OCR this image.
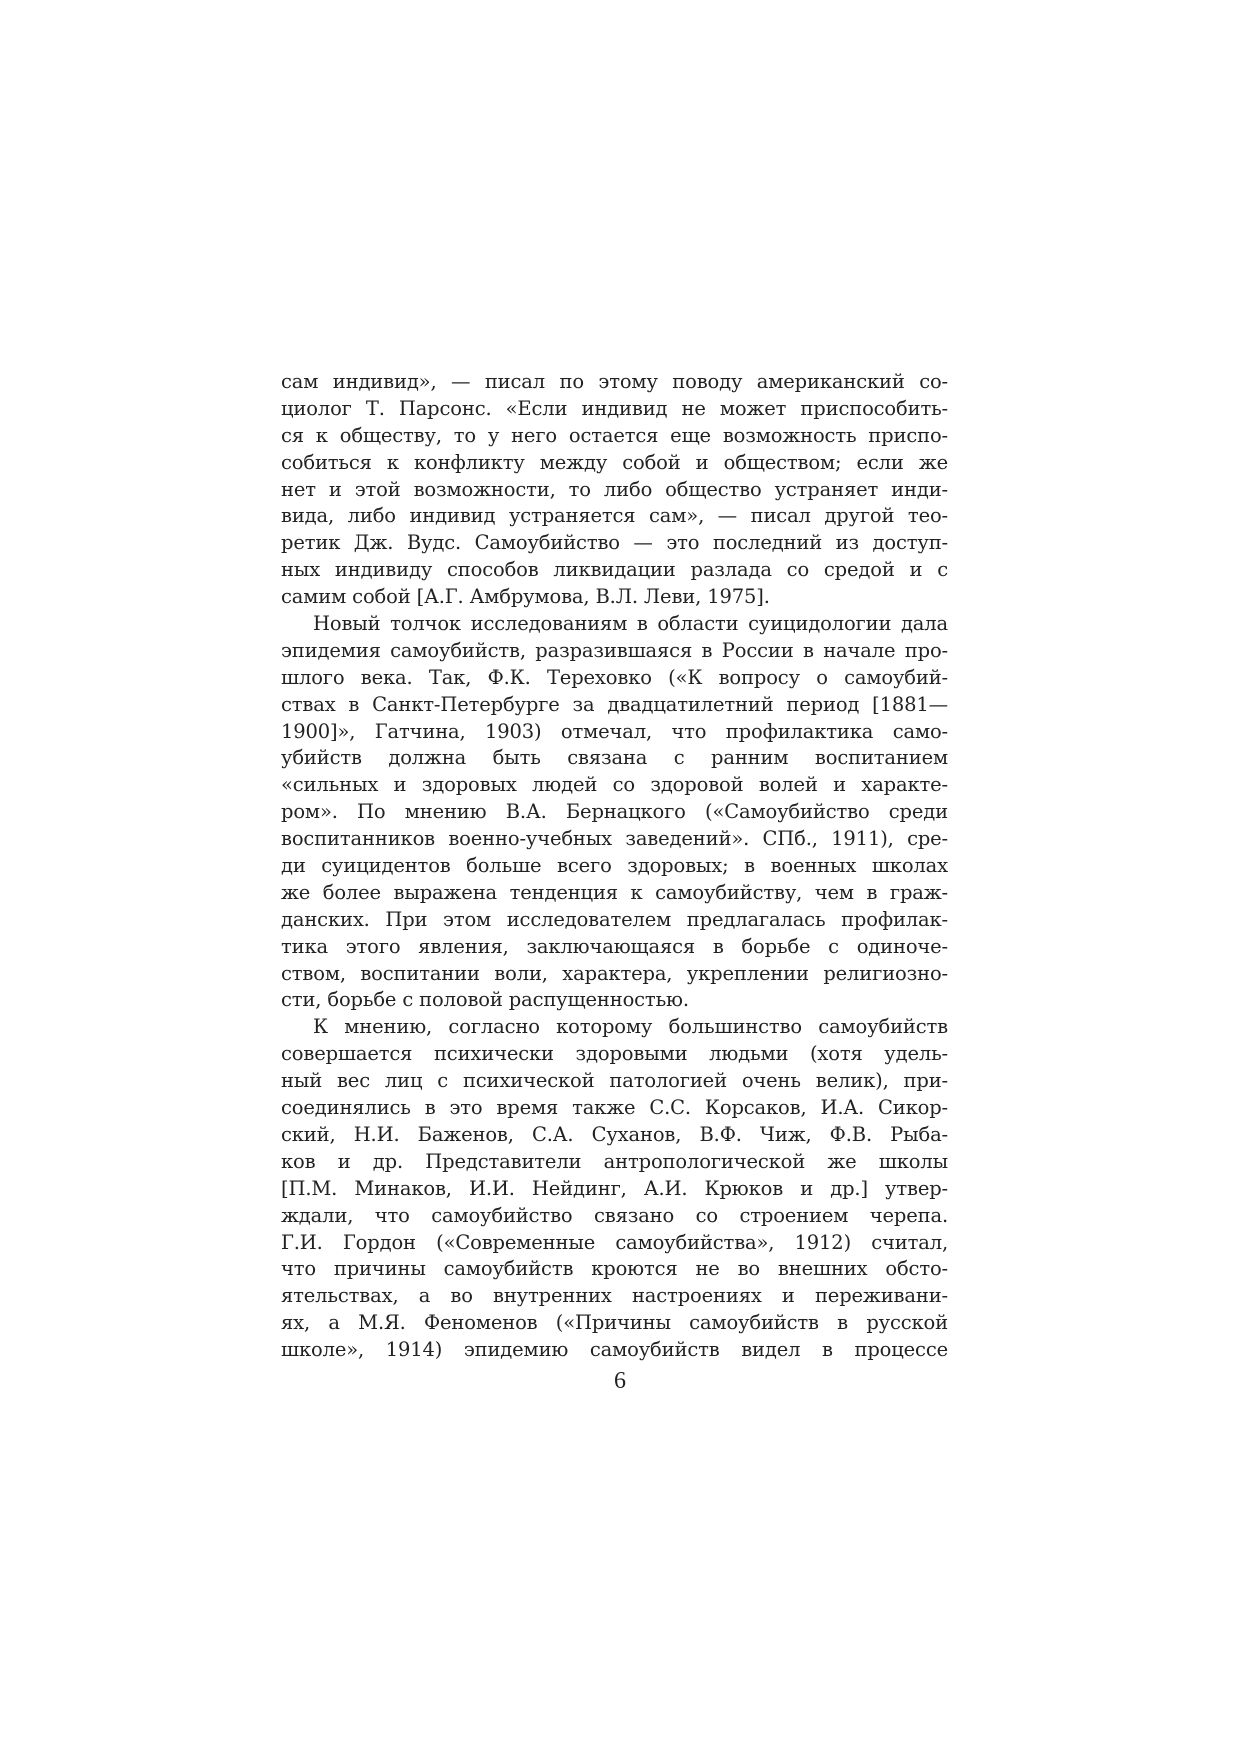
сам индивид», — писал по этому поводу американский со-
циолог Т. Парсонс. «Если индивид не может приспособить-
ся к обществу, то у него остается еще возможность приспо-
собиться к конфликту между собой и обществом; если же
нет и этой возможности, то либо общество устраняет инди-
вида, либо индивид устраняется сам», — писал другой тео-
ретик Дж. Вудс. Самоубийство — это последний из доступ-
ных индивиду способов ликвидации разлада со средой и с
самим собой [А.Г. Амбрумова, В.Л. Леви, 1975].
Новый толчок исследованиям в области суицидологии дала
эпидемия самоубийств, разразившаяся в России в начале про-
шлого века. Так, Ф.К. Тереховко («К вопросу о самоубий-
ствах в Санкт-Петербурге за двадцатилетний период [1881—
1900]», Гатчина, 1903) отмечал, что профилактика само-
убийств должна быть связана с ранним воспитанием
«сильных и здоровых людей со здоровой волей и характе-
ром». По мнению В.А. Бернацкого («Самоубийство среди
воспитанников военно-учебных заведений». СПб., 1911), сре-
ди суицидентов больше всего здоровых; в военных школах
же более выражена тенденция к самоубийству, чем в граж-
данских. При этом исследователем предлагалась профилак-
тика этого явления, заключающаяся в борьбе с одиноче-
ством, воспитании воли, характера, укреплении религиозно-
сти, борьбе с половой распущенностью.
К мнению, согласно которому большинство самоубийств
совершается психически здоровыми людьми (хотя удель-
ный вес лиц с психической патологией очень велик), при-
соединялись в это время также С.С. Корсаков, И.А. Сикор-
ский, Н.И. Баженов, С.А. Суханов, В.Ф. Чиж, Ф.В. Рыба-
ков и др. Представители антропологической же школы
[П.М. Минаков, И.И. Нейдинг, А.И. Крюков и др.] утвер-
ждали, что самоубийство связано со строением черепа.
Г.И. Гордон («Современные самоубийства», 1912) считал,
что причины самоубийств кроются не во внешних обсто-
ятельствах, а во внутренних настроениях и переживани-
ях, а М.Я. Феноменов («Причины самоубийств в русской
школе», 1914) эпидемию самоубийств видел в процессе
6
